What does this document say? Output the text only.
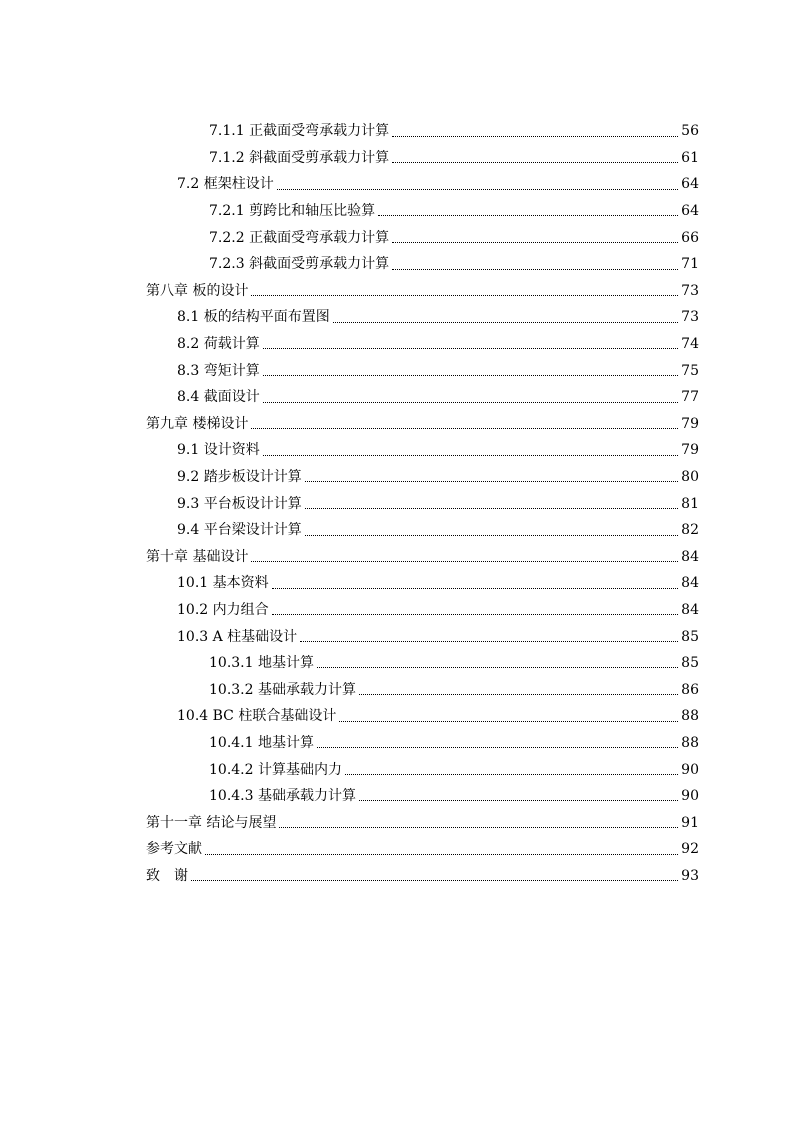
7.1.1 正截面受弯承载力计算	56
7.1.2 斜截面受剪承载力计算	61
7.2 框架柱设计	64
7.2.1 剪跨比和轴压比验算	64
7.2.2 正截面受弯承载力计算	66
7.2.3 斜截面受剪承载力计算	71
第八章 板的设计	73
8.1 板的结构平面布置图	73
8.2 荷载计算	74
8.3 弯矩计算	75
8.4 截面设计	77
第九章 楼梯设计	79
9.1 设计资料	79
9.2 踏步板设计计算	80
9.3 平台板设计计算	81
9.4 平台梁设计计算	82
第十章 基础设计	84
10.1 基本资料	84
10.2 内力组合	84
10.3 A 柱基础设计	85
10.3.1 地基计算	85
10.3.2 基础承载力计算	86
10.4 BC 柱联合基础设计	88
10.4.1 地基计算	88
10.4.2 计算基础内力	90
10.4.3 基础承载力计算	90
第十一章 结论与展望	91
参考文献	92
致　谢	93
